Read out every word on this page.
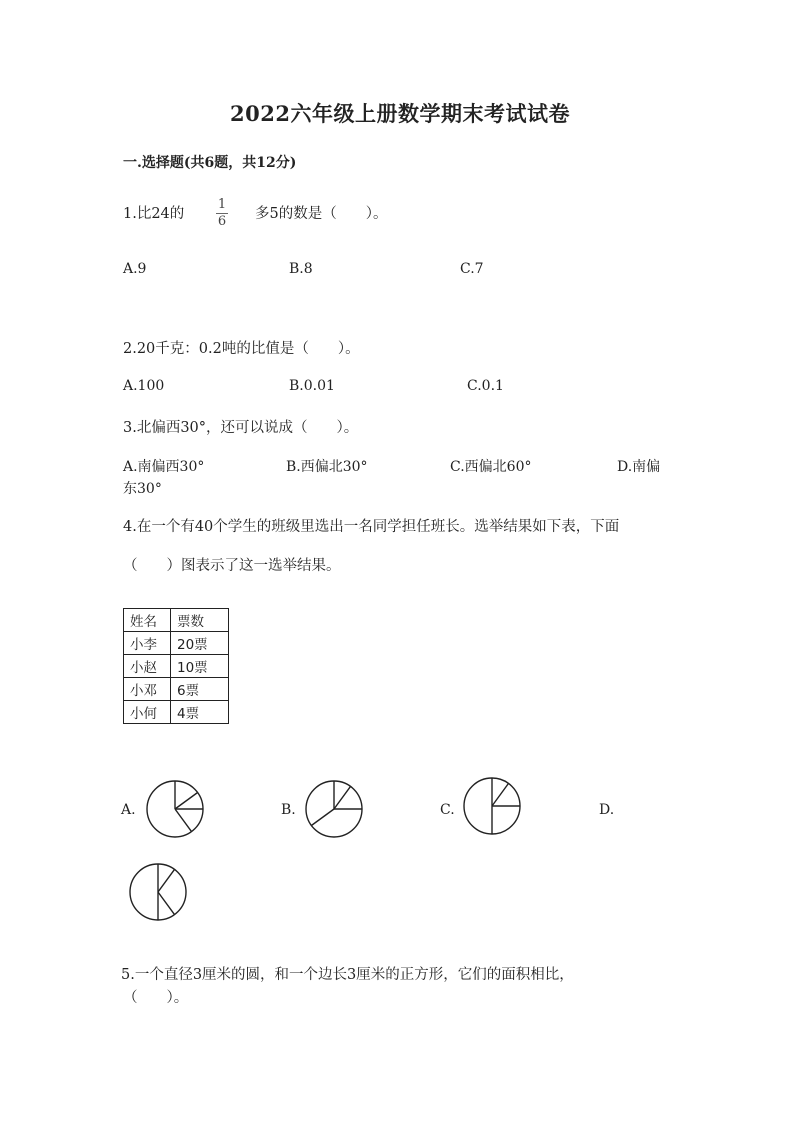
2022六年级上册数学期末考试试卷
一.选择题(共6题，共12分)
1.比24的
1
6 多5的数是（　　）。
A.9	B.8	C.7
2.20千克：0.2吨的比值是（　　）。
A.100	B.0.01	C.0.1
3.北偏西30°，还可以说成（　　）。
A.南偏西30°	B.西偏北30°	C.西偏北60°	D.南偏
东30°
4.在一个有40个学生的班级里选出一名同学担任班长。选举结果如下表，下面
（　　）图表示了这一选举结果。
姓名	票数
小李	20票
小赵	10票
小邓	6票
小何	4票
A.	B.	C.	D.
5.一个直径3厘米的圆，和一个边长3厘米的正方形，它们的面积相比，
（　　）。
